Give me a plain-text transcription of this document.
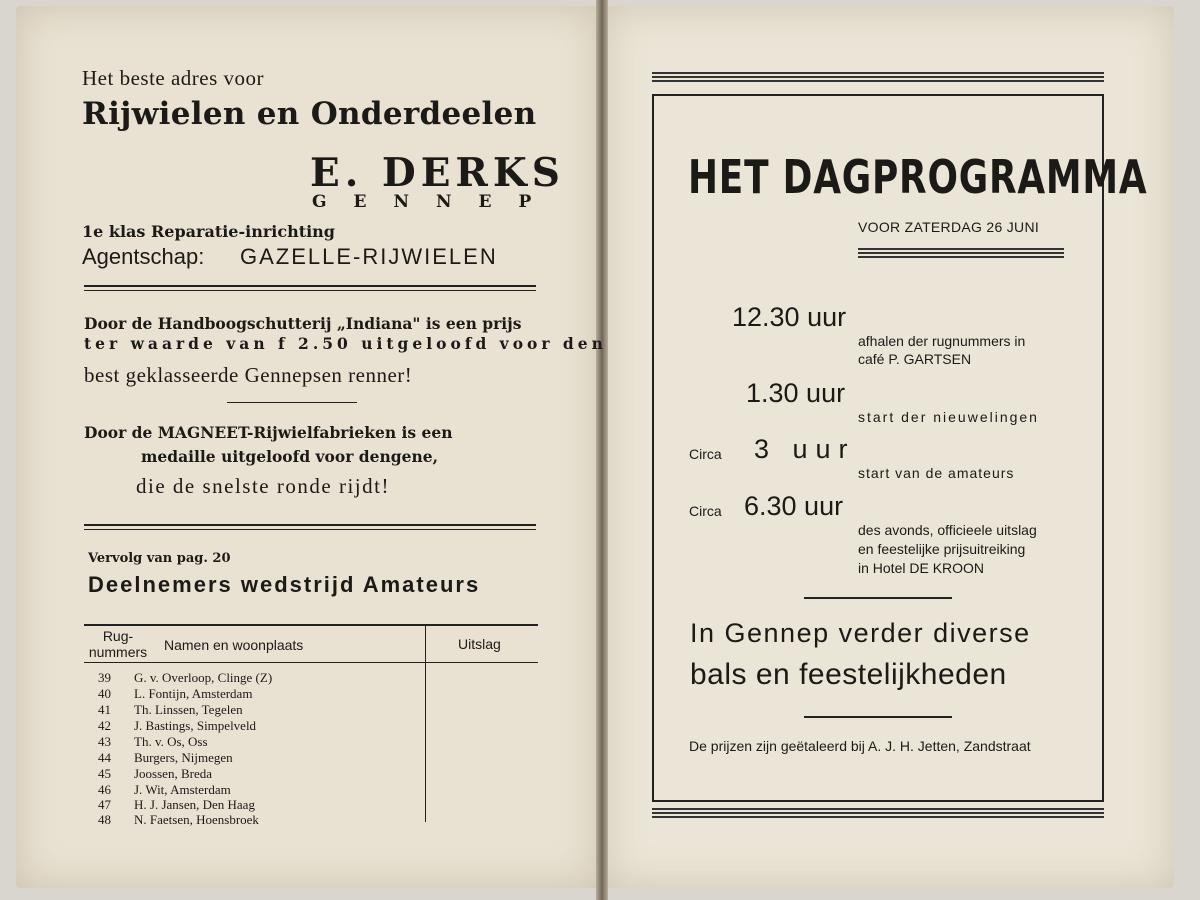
Het beste adres voor
Rijwielen en Onderdeelen
E. DERKS
GENNEP
1e klas Reparatie-inrichting
Agentschap: GAZELLE-RIJWIELEN
Door de Handboogschutterij „Indiana" is een prijs
ter waarde van f 2.50 uitgeloofd voor den
best geklasseerde Gennepsen renner!
Door de MAGNEET-Rijwielfabrieken is een
medaille uitgeloofd voor dengene,
die de snelste ronde rijdt!
Vervolg van pag. 20
Deelnemers wedstrijd Amateurs
Rug-nummers Namen en woonplaats	Uitslag
39 G. v. Overloop, Clinge (Z)
40 L. Fontijn, Amsterdam
41 Th. Linssen, Tegelen
42 J. Bastings, Simpelveld
43 Th. v. Os, Oss
44 Burgers, Nijmegen
45 Joossen, Breda
46 J. Wit, Amsterdam
47 H. J. Jansen, Den Haag
48 N. Faetsen, Hoensbroek
HET DAGPROGRAMMA
VOOR ZATERDAG 26 JUNI
12.30 uur
afhalen der rugnummers in
café P. GARTSEN
1.30 uur
start der nieuwelingen
Circa 3 uur
start van de amateurs
Circa 6.30 uur
des avonds, officieele uitslag
en feestelijke prijsuitreiking
in Hotel DE KROON
In Gennep verder diverse
bals en feestelijkheden
De prijzen zijn geëtaleerd bij A. J. H. Jetten, Zandstraat
